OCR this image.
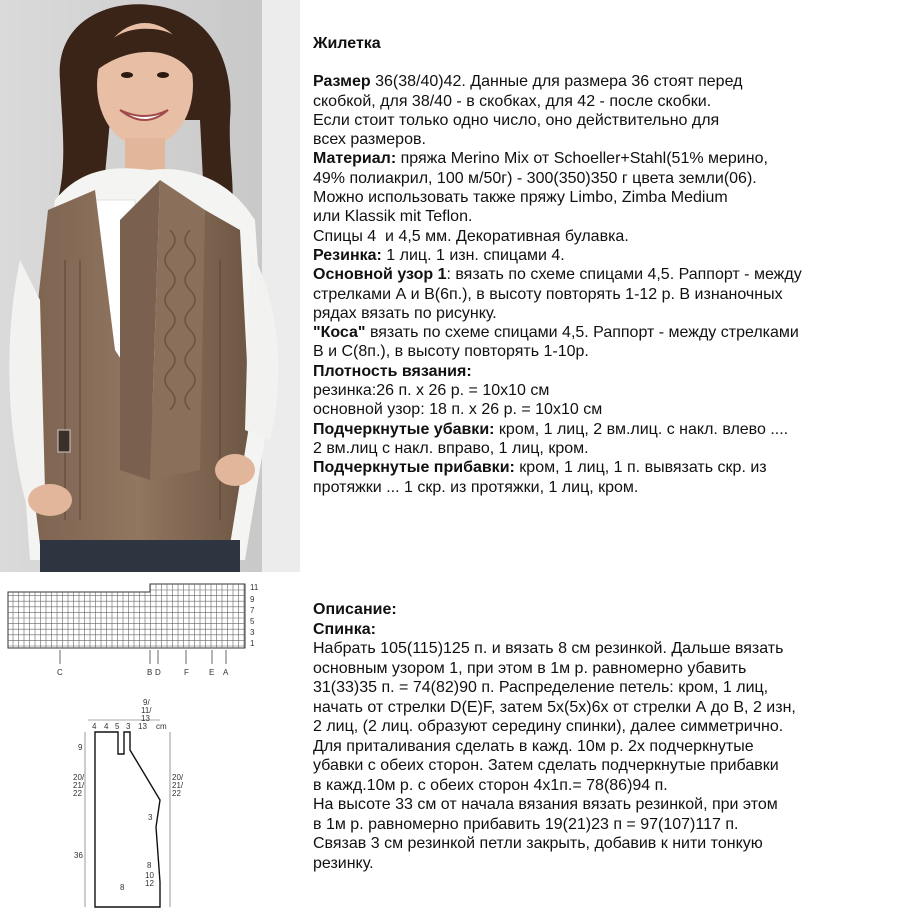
11
9
7
5
3
1
C	B D	F	E A
4 4 5 3 13 cm
9/
11/
13
9
20/
21/
22
36
20/
21/
22
3
8
10
12
8

Жилетка

Размер 36(38/40)42. Данные для размера 36 стоят перед

скобкой, для 38/40 - в скобках, для 42 - после скобки.

Если стоит только одно число, оно действительно для

всех размеров.

Материал: пряжа Merino Mix от Schoeller+Stahl(51% мерино,

49% полиакрил, 100 м/50г) - 300(350)350 г цвета земли(06).

Можно использовать также пряжу Limbo, Zimba Medium

или Klassik mit Teflon.

Спицы 4  и 4,5 мм. Декоративная булавка.

Резинка: 1 лиц. 1 изн. спицами 4.

Основной узор 1: вязать по схеме спицами 4,5. Раппорт - между

стрелками А и В(6п.), в высоту повторять 1-12 р. В изнаночных

рядах вязать по рисунку.

"Коса" вязать по схеме спицами 4,5. Раппорт - между стрелками

В и С(8п.), в высоту повторять 1-10р.

Плотность вязания:

резинка:26 п. х 26 р. = 10х10 см

основной узор: 18 п. х 26 р. = 10х10 см

Подчеркнутые убавки: кром, 1 лиц, 2 вм.лиц. с накл. влево ....

2 вм.лиц с накл. вправо, 1 лиц, кром.

Подчеркнутые прибавки: кром, 1 лиц, 1 п. вывязать скр. из

протяжки ... 1 скр. из протяжки, 1 лиц, кром.

Описание:

Спинка:

Набрать 105(115)125 п. и вязать 8 см резинкой. Дальше вязать

основным узором 1, при этом в 1м р. равномерно убавить

31(33)35 п. = 74(82)90 п. Распределение петель: кром, 1 лиц,

начать от стрелки D(E)F, затем 5х(5х)6х от стрелки А до В, 2 изн,

2 лиц, (2 лиц. образуют середину спинки), далее симметрично.

Для приталивания сделать в кажд. 10м р. 2х подчеркнутые

убавки с обеих сторон. Затем сделать подчеркнутые прибавки

в кажд.10м р. с обеих сторон 4х1п.= 78(86)94 п.

На высоте 33 см от начала вязания вязать резинкой, при этом

в 1м р. равномерно прибавить 19(21)23 п = 97(107)117 п.

Связав 3 см резинкой петли закрыть, добавив к нити тонкую

резинку.
